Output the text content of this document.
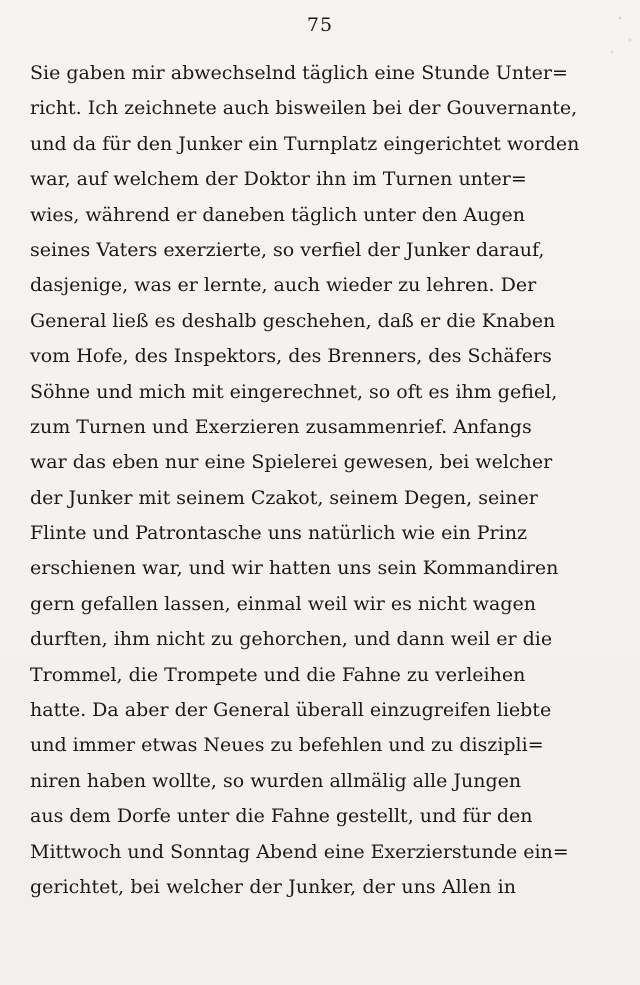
75
Sie gaben mir abwechselnd täglich eine Stunde Unter=
richt. Ich zeichnete auch bisweilen bei der Gouvernante,
und da für den Junker ein Turnplatz eingerichtet worden
war, auf welchem der Doktor ihn im Turnen unter=
wies, während er daneben täglich unter den Augen
seines Vaters exerzierte, so verfiel der Junker darauf,
dasjenige, was er lernte, auch wieder zu lehren. Der
General ließ es deshalb geschehen, daß er die Knaben
vom Hofe, des Inspektors, des Brenners, des Schäfers
Söhne und mich mit eingerechnet, so oft es ihm gefiel,
zum Turnen und Exerzieren zusammenrief. Anfangs
war das eben nur eine Spielerei gewesen, bei welcher
der Junker mit seinem Czakot, seinem Degen, seiner
Flinte und Patrontasche uns natürlich wie ein Prinz
erschienen war, und wir hatten uns sein Kommandiren
gern gefallen lassen, einmal weil wir es nicht wagen
durften, ihm nicht zu gehorchen, und dann weil er die
Trommel, die Trompete und die Fahne zu verleihen
hatte. Da aber der General überall einzugreifen liebte
und immer etwas Neues zu befehlen und zu diszipli=
niren haben wollte, so wurden allmälig alle Jungen
aus dem Dorfe unter die Fahne gestellt, und für den
Mittwoch und Sonntag Abend eine Exerzierstunde ein=
gerichtet, bei welcher der Junker, der uns Allen in
